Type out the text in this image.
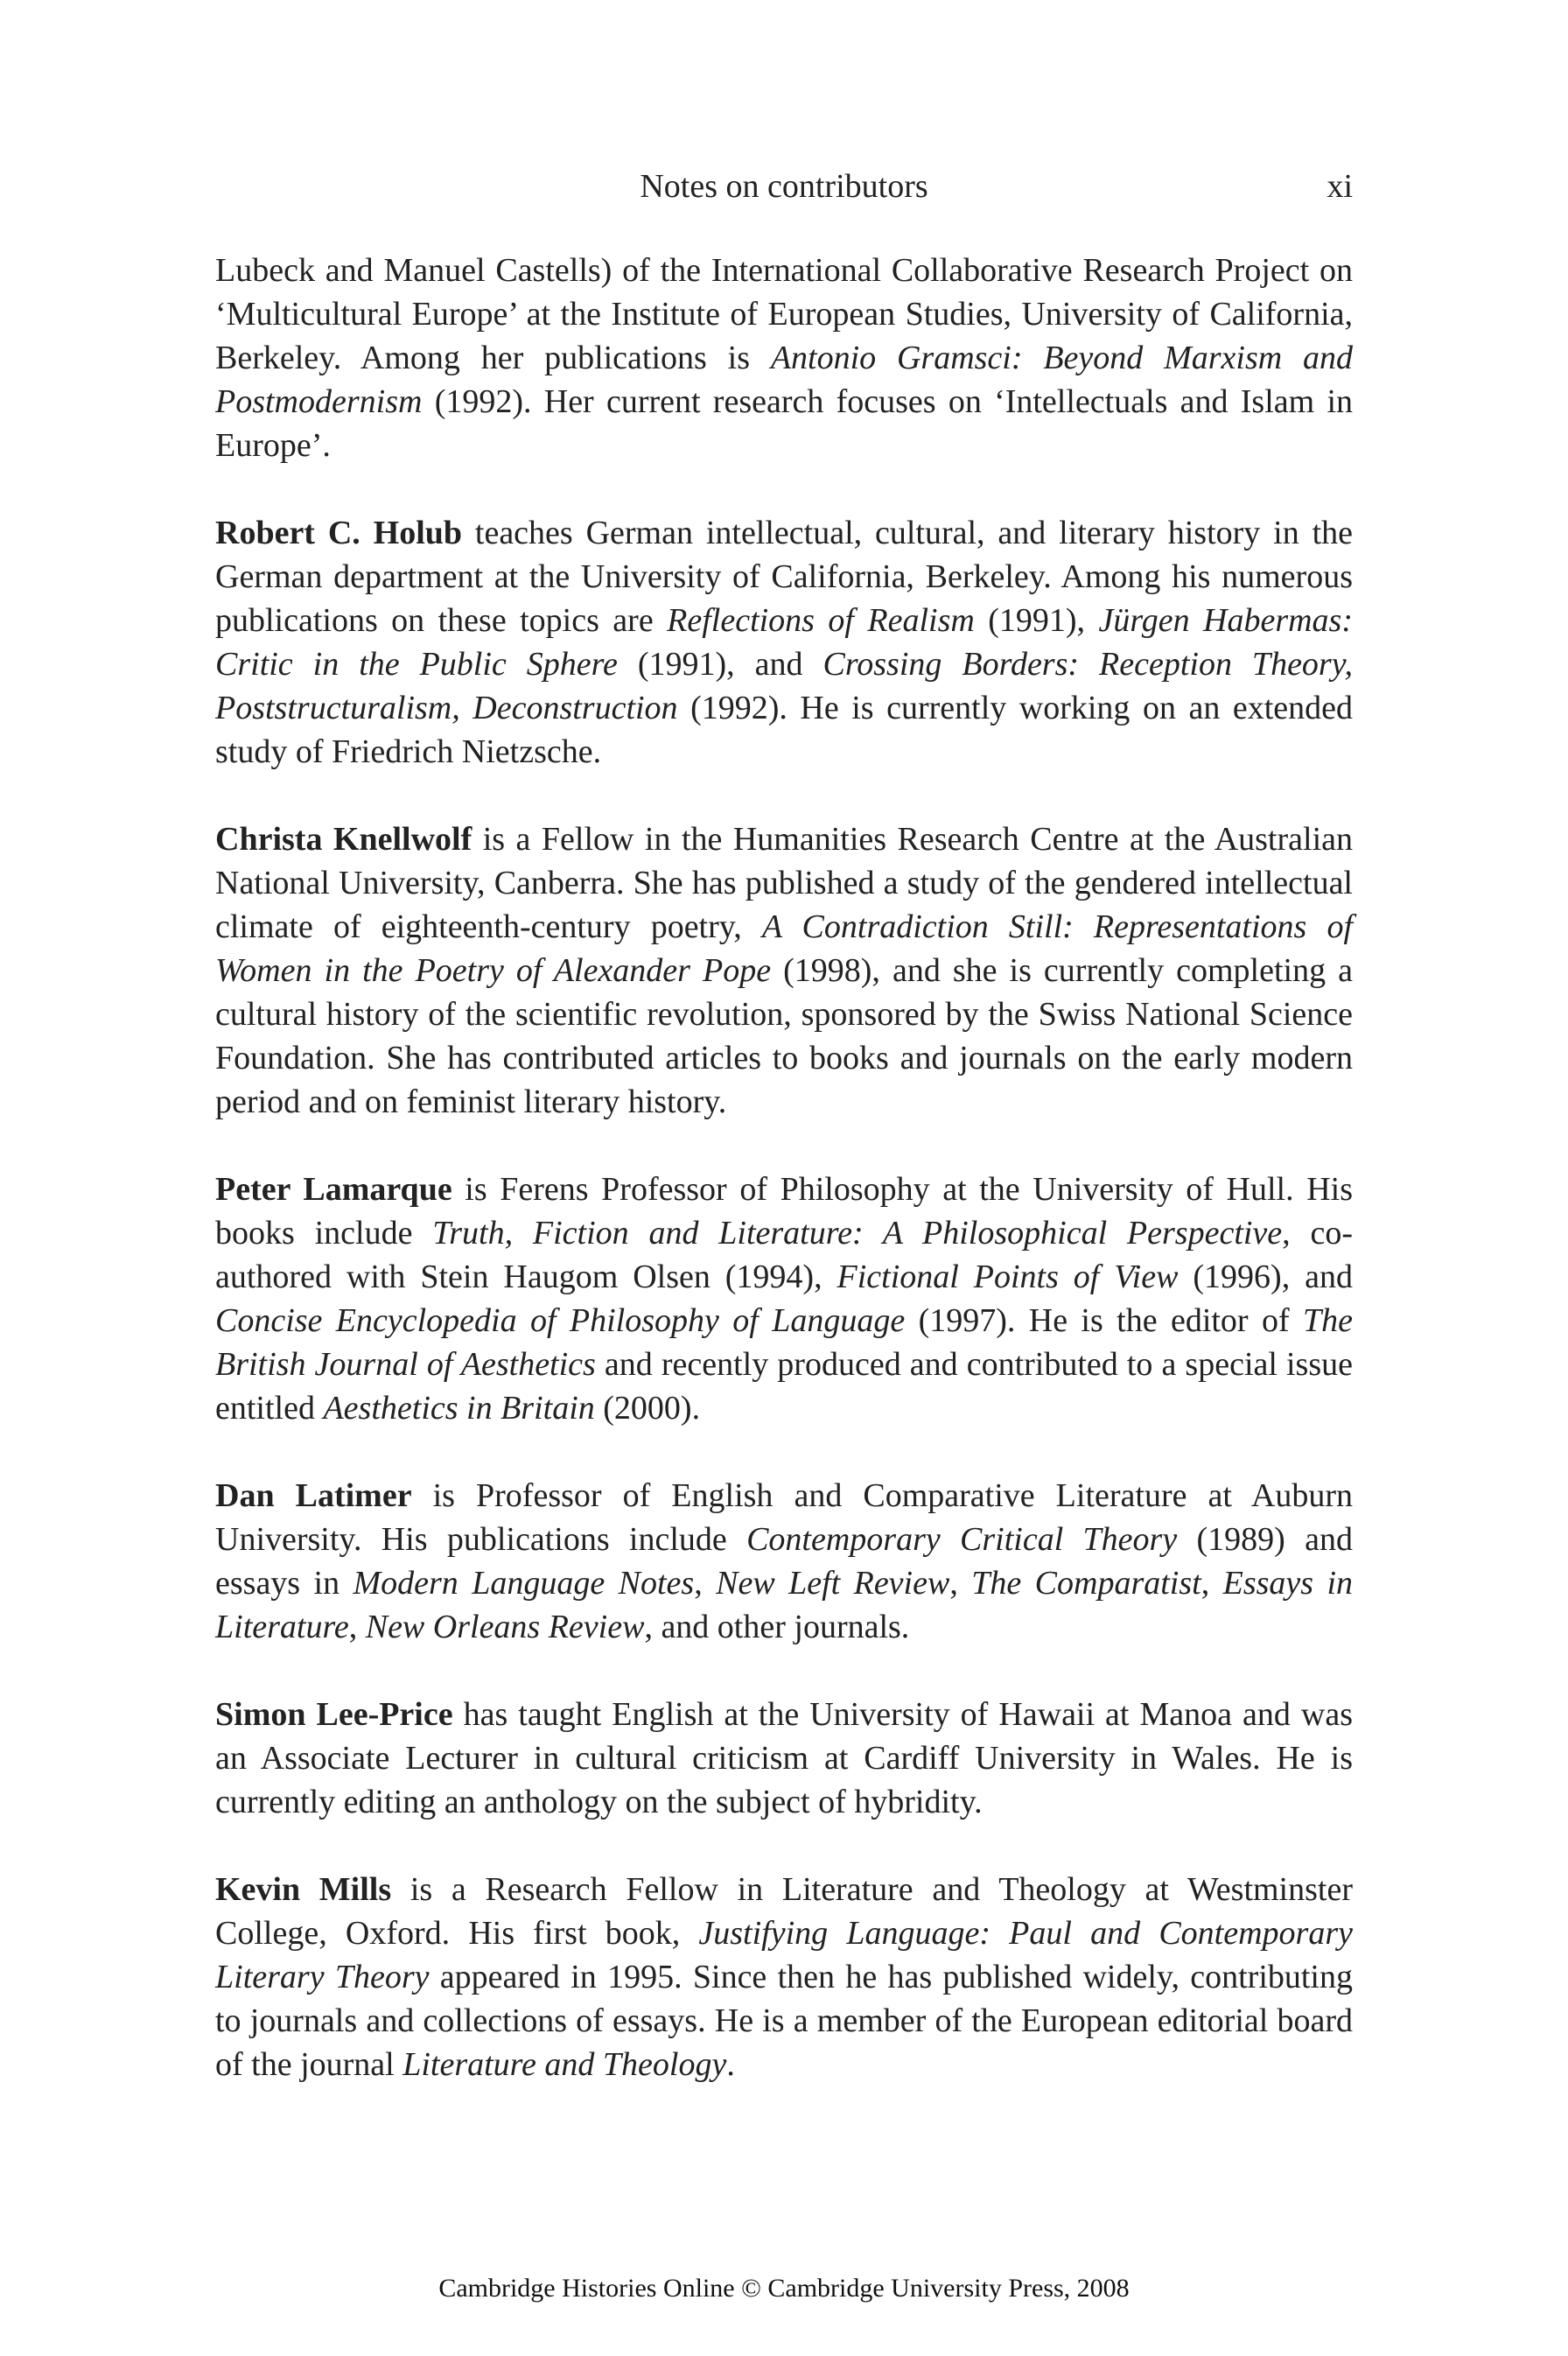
Notes on contributors	xi

Lubeck and Manuel Castells) of the International Collaborative Research Project on ‘Multicultural Europe’ at the Institute of European Studies, University of California, Berkeley. Among her publications is Antonio Gramsci: Beyond Marxism and Postmodernism (1992). Her current research focuses on ‘Intellectuals and Islam in Europe’.

Robert C. Holub teaches German intellectual, cultural, and literary history in the German department at the University of California, Berkeley. Among his numerous publications on these topics are Reflections of Realism (1991), Jürgen Habermas: Critic in the Public Sphere (1991), and Crossing Borders: Reception Theory, Poststructuralism, Deconstruction (1992). He is currently working on an extended study of Friedrich Nietzsche.

Christa Knellwolf is a Fellow in the Humanities Research Centre at the Australian National University, Canberra. She has published a study of the gendered intellectual climate of eighteenth-century poetry, A Contradiction Still: Representations of Women in the Poetry of Alexander Pope (1998), and she is currently completing a cultural history of the scientific revolution, sponsored by the Swiss National Science Foundation. She has contributed articles to books and journals on the early modern period and on feminist literary history.

Peter Lamarque is Ferens Professor of Philosophy at the University of Hull. His books include Truth, Fiction and Literature: A Philosophical Perspective, co-authored with Stein Haugom Olsen (1994), Fictional Points of View (1996), and Concise Encyclopedia of Philosophy of Language (1997). He is the editor of The British Journal of Aesthetics and recently produced and contributed to a special issue entitled Aesthetics in Britain (2000).

Dan Latimer is Professor of English and Comparative Literature at Auburn University. His publications include Contemporary Critical Theory (1989) and essays in Modern Language Notes, New Left Review, The Comparatist, Essays in Literature, New Orleans Review, and other journals.

Simon Lee-Price has taught English at the University of Hawaii at Manoa and was an Associate Lecturer in cultural criticism at Cardiff University in Wales. He is currently editing an anthology on the subject of hybridity.

Kevin Mills is a Research Fellow in Literature and Theology at Westminster College, Oxford. His first book, Justifying Language: Paul and Contemporary Literary Theory appeared in 1995. Since then he has published widely, contributing to journals and collections of essays. He is a member of the European editorial board of the journal Literature and Theology.

Cambridge Histories Online © Cambridge University Press, 2008
